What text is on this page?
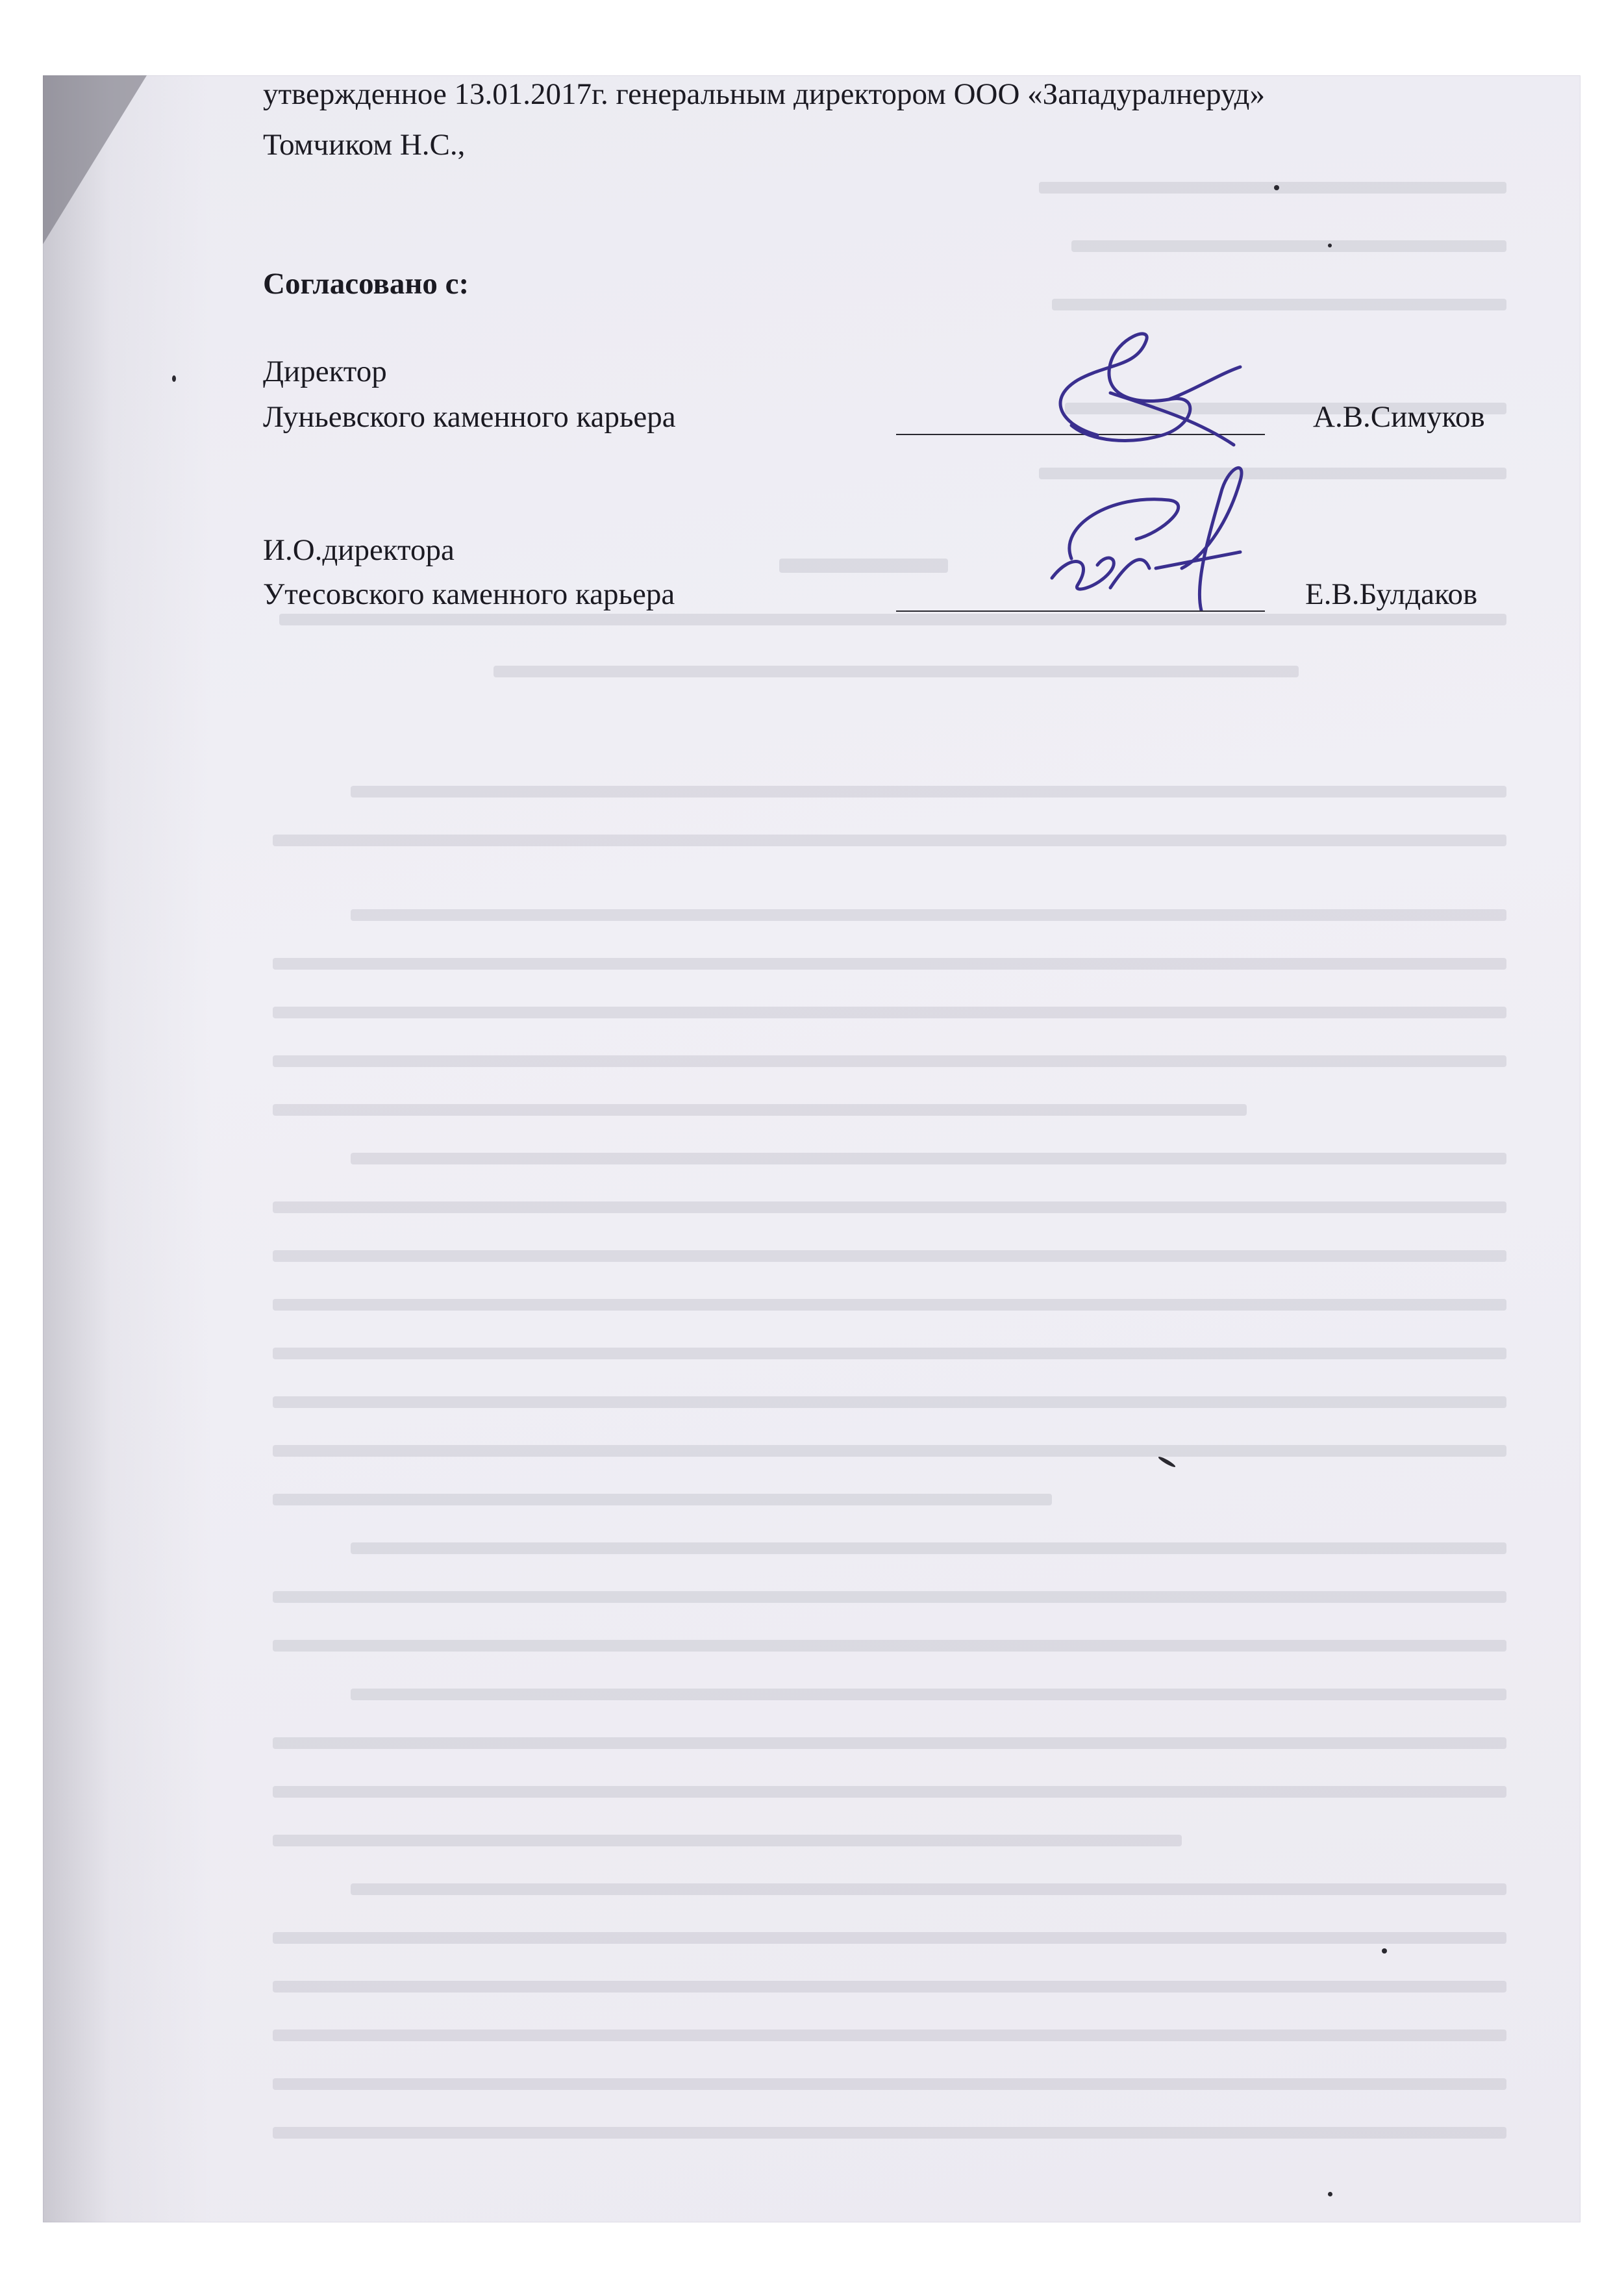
утвержденное 13.01.2017г. генеральным директором ООО «Западуралнеруд»
Томчиком Н.С.,
Согласовано с:
Директор
Луньевского каменного карьера	А.В.Симуков
И.О.директора
Утесовского каменного карьера	Е.В.Булдаков
